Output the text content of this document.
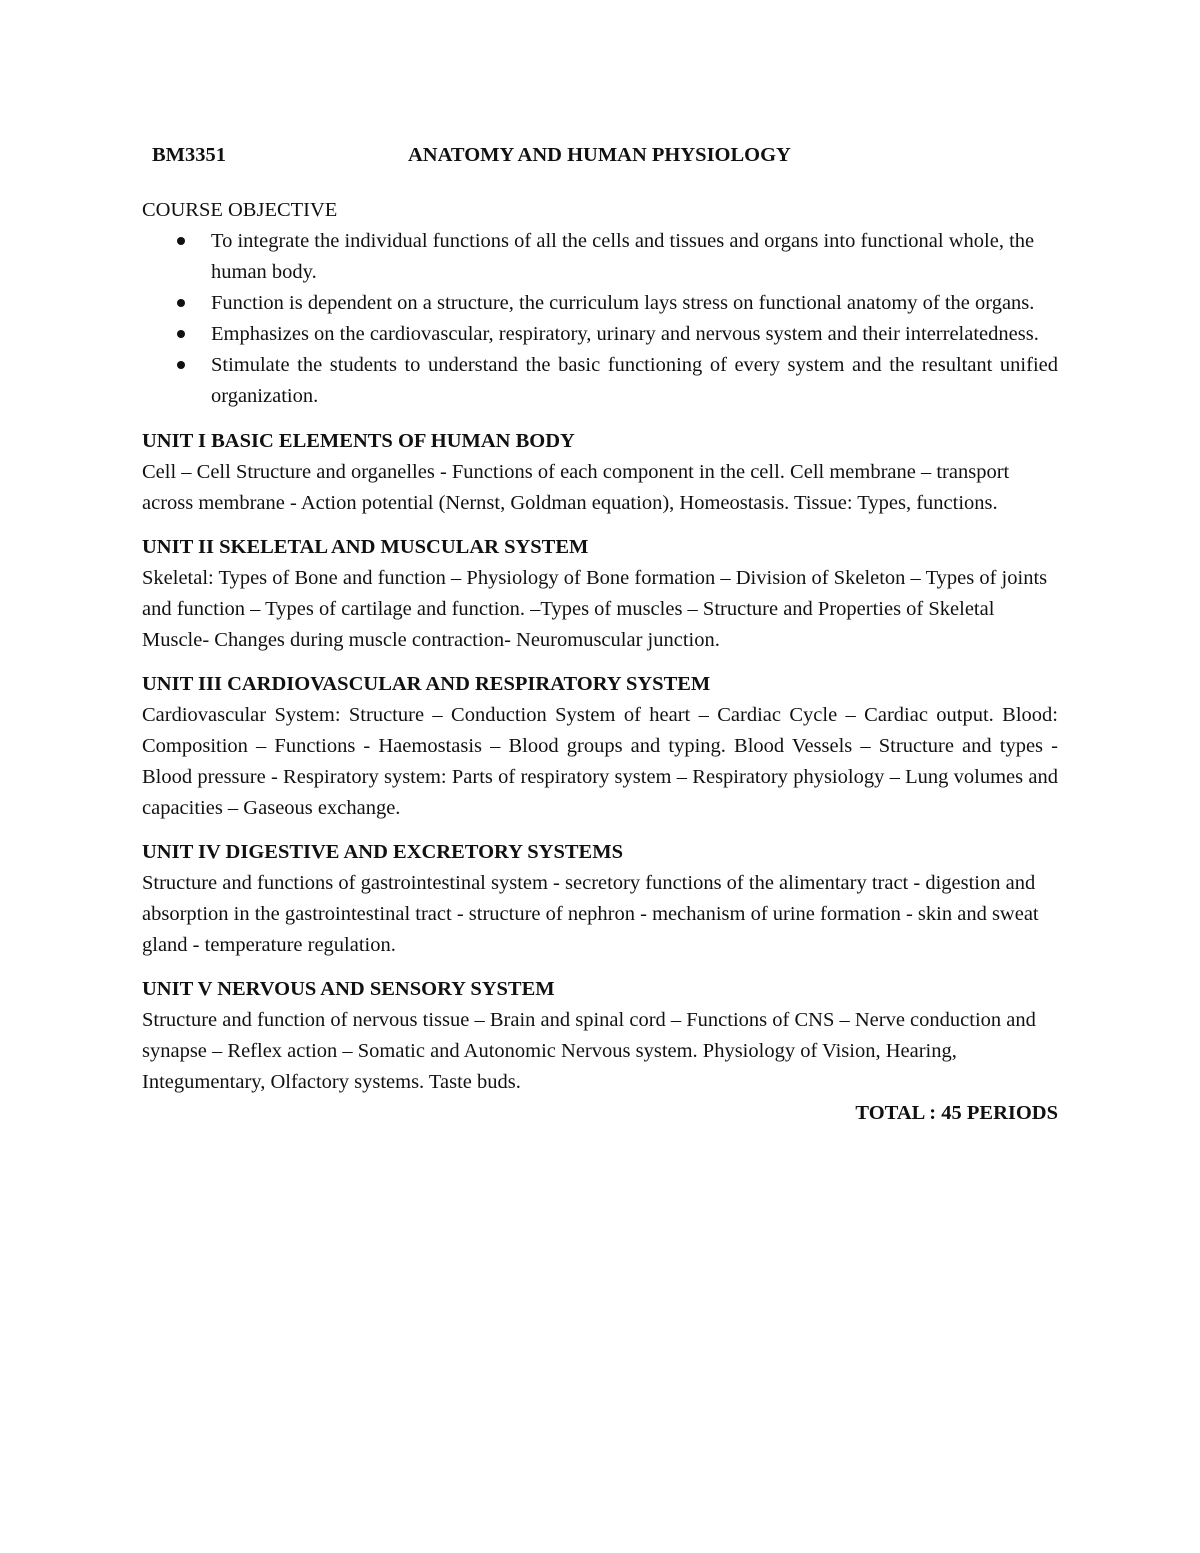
BM3351	ANATOMY AND HUMAN PHYSIOLOGY

COURSE OBJECTIVE

To integrate the individual functions of all the cells and tissues and organs into functional whole, the human body.
Function is dependent on a structure, the curriculum lays stress on functional anatomy of the organs.
Emphasizes on the cardiovascular, respiratory, urinary and nervous system and their interrelatedness.
Stimulate the students to understand the basic functioning of every system and the resultant unified organization.

UNIT I BASIC ELEMENTS OF HUMAN BODY

Cell – Cell Structure and organelles - Functions of each component in the cell. Cell membrane – transport across membrane - Action potential (Nernst, Goldman equation), Homeostasis. Tissue: Types, functions.

UNIT II SKELETAL AND MUSCULAR SYSTEM

Skeletal: Types of Bone and function – Physiology of Bone formation – Division of Skeleton – Types of joints and function – Types of cartilage and function. –Types of muscles – Structure and Properties of Skeletal Muscle- Changes during muscle contraction- Neuromuscular junction.

UNIT III CARDIOVASCULAR AND RESPIRATORY SYSTEM

Cardiovascular System: Structure – Conduction System of heart – Cardiac Cycle – Cardiac output. Blood: Composition – Functions - Haemostasis – Blood groups and typing. Blood Vessels – Structure and types - Blood pressure - Respiratory system: Parts of respiratory system – Respiratory physiology – Lung volumes and capacities – Gaseous exchange.

UNIT IV DIGESTIVE AND EXCRETORY SYSTEMS

Structure and functions of gastrointestinal system - secretory functions of the alimentary tract - digestion and absorption in the gastrointestinal tract - structure of nephron - mechanism of urine formation - skin and sweat gland - temperature regulation.

UNIT V NERVOUS AND SENSORY SYSTEM

Structure and function of nervous tissue – Brain and spinal cord – Functions of CNS – Nerve conduction and synapse – Reflex action – Somatic and Autonomic Nervous system. Physiology of Vision, Hearing, Integumentary, Olfactory systems. Taste buds.

TOTAL : 45 PERIODS
